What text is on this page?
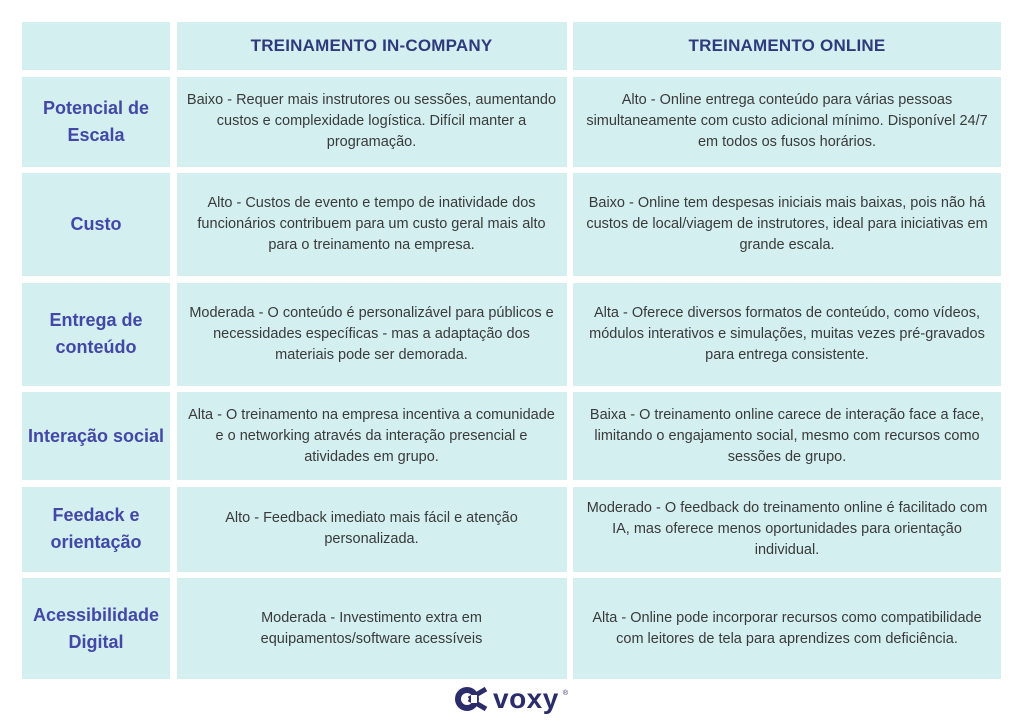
TREINAMENTO IN-COMPANY	TREINAMENTO ONLINE
Potencial de Escala
Baixo - Requer mais instrutores ou sessões, aumentando custos e complexidade logística. Difícil manter a programação.
Alto - Online entrega conteúdo para várias pessoas simultaneamente com custo adicional mínimo. Disponível 24/7 em todos os fusos horários.
Custo
Alto - Custos de evento e tempo de inatividade dos funcionários contribuem para um custo geral mais alto para o treinamento na empresa.
Baixo - Online tem despesas iniciais mais baixas, pois não há custos de local/viagem de instrutores, ideal para iniciativas em grande escala.
Entrega de conteúdo
Moderada - O conteúdo é personalizável para públicos e necessidades específicas - mas a adaptação dos materiais pode ser demorada.
Alta - Oferece diversos formatos de conteúdo, como vídeos, módulos interativos e simulações, muitas vezes pré-gravados para entrega consistente.
Interação social
Alta - O treinamento na empresa incentiva a comunidade e o networking através da interação presencial e atividades em grupo.
Baixa - O treinamento online carece de interação face a face, limitando o engajamento social, mesmo com recursos como sessões de grupo.
Feedack e orientação
Alto - Feedback imediato mais fácil e atenção personalizada.
Moderado - O feedback do treinamento online é facilitado com IA, mas oferece menos oportunidades para orientação individual.
Acessibilidade Digital
Moderada - Investimento extra em equipamentos/software acessíveis
Alta - Online pode incorporar recursos como compatibilidade com leitores de tela para aprendizes com deficiência.
voxy ®
